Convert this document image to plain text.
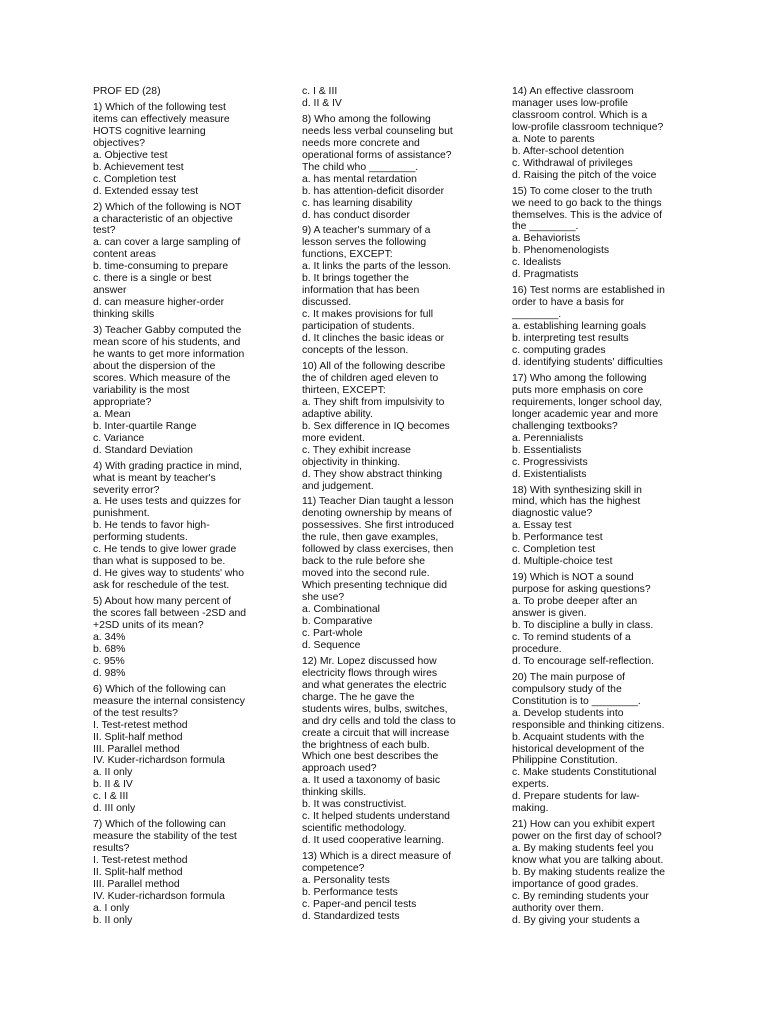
PROF ED (28)
1) Which of the following test
items can effectively measure
HOTS cognitive learning
objectives?
a. Objective test
b. Achievement test
c. Completion test
d. Extended essay test
2) Which of the following is NOT
a characteristic of an objective
test?
a. can cover a large sampling of
content areas
b. time-consuming to prepare
c. there is a single or best
answer
d. can measure higher-order
thinking skills
3) Teacher Gabby computed the
mean score of his students, and
he wants to get more information
about the dispersion of the
scores. Which measure of the
variability is the most
appropriate?
a. Mean
b. Inter-quartile Range
c. Variance
d. Standard Deviation
4) With grading practice in mind,
what is meant by teacher's
severity error?
a. He uses tests and quizzes for
punishment.
b. He tends to favor high-
performing students.
c. He tends to give lower grade
than what is supposed to be.
d. He gives way to students' who
ask for reschedule of the test.
5) About how many percent of
the scores fall between -2SD and
+2SD units of its mean?
a. 34%
b. 68%
c. 95%
d. 98%
6) Which of the following can
measure the internal consistency
of the test results?
I. Test-retest method
II. Split-half method
III. Parallel method
IV. Kuder-richardson formula
a. II only
b. II & IV
c. I & III
d. III only
7) Which of the following can
measure the stability of the test
results?
I. Test-retest method
II. Split-half method
III. Parallel method
IV. Kuder-richardson formula
a. I only
b. II only
c. I & III
d. II & IV
8) Who among the following
needs less verbal counseling but
needs more concrete and
operational forms of assistance?
The child who ________.
a. has mental retardation
b. has attention-deficit disorder
c. has learning disability
d. has conduct disorder
9) A teacher's summary of a
lesson serves the following
functions, EXCEPT:
a. It links the parts of the lesson.
b. It brings together the
information that has been
discussed.
c. It makes provisions for full
participation of students.
d. It clinches the basic ideas or
concepts of the lesson.
10) All of the following describe
the of children aged eleven to
thirteen, EXCEPT:
a. They shift from impulsivity to
adaptive ability.
b. Sex difference in IQ becomes
more evident.
c. They exhibit increase
objectivity in thinking.
d. They show abstract thinking
and judgement.
11) Teacher Dian taught a lesson
denoting ownership by means of
possessives. She first introduced
the rule, then gave examples,
followed by class exercises, then
back to the rule before she
moved into the second rule.
Which presenting technique did
she use?
a. Combinational
b. Comparative
c. Part-whole
d. Sequence
12) Mr. Lopez discussed how
electricity flows through wires
and what generates the electric
charge. The he gave the
students wires, bulbs, switches,
and dry cells and told the class to
create a circuit that will increase
the brightness of each bulb.
Which one best describes the
approach used?
a. It used a taxonomy of basic
thinking skills.
b. It was constructivist.
c. It helped students understand
scientific methodology.
d. It used cooperative learning.
13) Which is a direct measure of
competence?
a. Personality tests
b. Performance tests
c. Paper-and pencil tests
d. Standardized tests
14) An effective classroom
manager uses low-profile
classroom control. Which is a
low-profile classroom technique?
a. Note to parents
b. After-school detention
c. Withdrawal of privileges
d. Raising the pitch of the voice
15) To come closer to the truth
we need to go back to the things
themselves. This is the advice of
the ________.
a. Behaviorists
b. Phenomenologists
c. Idealists
d. Pragmatists
16) Test norms are established in
order to have a basis for
________.
a. establishing learning goals
b. interpreting test results
c. computing grades
d. identifying students' difficulties
17) Who among the following
puts more emphasis on core
requirements, longer school day,
longer academic year and more
challenging textbooks?
a. Perennialists
b. Essentialists
c. Progressivists
d. Existentialists
18) With synthesizing skill in
mind, which has the highest
diagnostic value?
a. Essay test
b. Performance test
c. Completion test
d. Multiple-choice test
19) Which is NOT a sound
purpose for asking questions?
a. To probe deeper after an
answer is given.
b. To discipline a bully in class.
c. To remind students of a
procedure.
d. To encourage self-reflection.
20) The main purpose of
compulsory study of the
Constitution is to ________.
a. Develop students into
responsible and thinking citizens.
b. Acquaint students with the
historical development of the
Philippine Constitution.
c. Make students Constitutional
experts.
d. Prepare students for law-
making.
21) How can you exhibit expert
power on the first day of school?
a. By making students feel you
know what you are talking about.
b. By making students realize the
importance of good grades.
c. By reminding students your
authority over them.
d. By giving your students a
